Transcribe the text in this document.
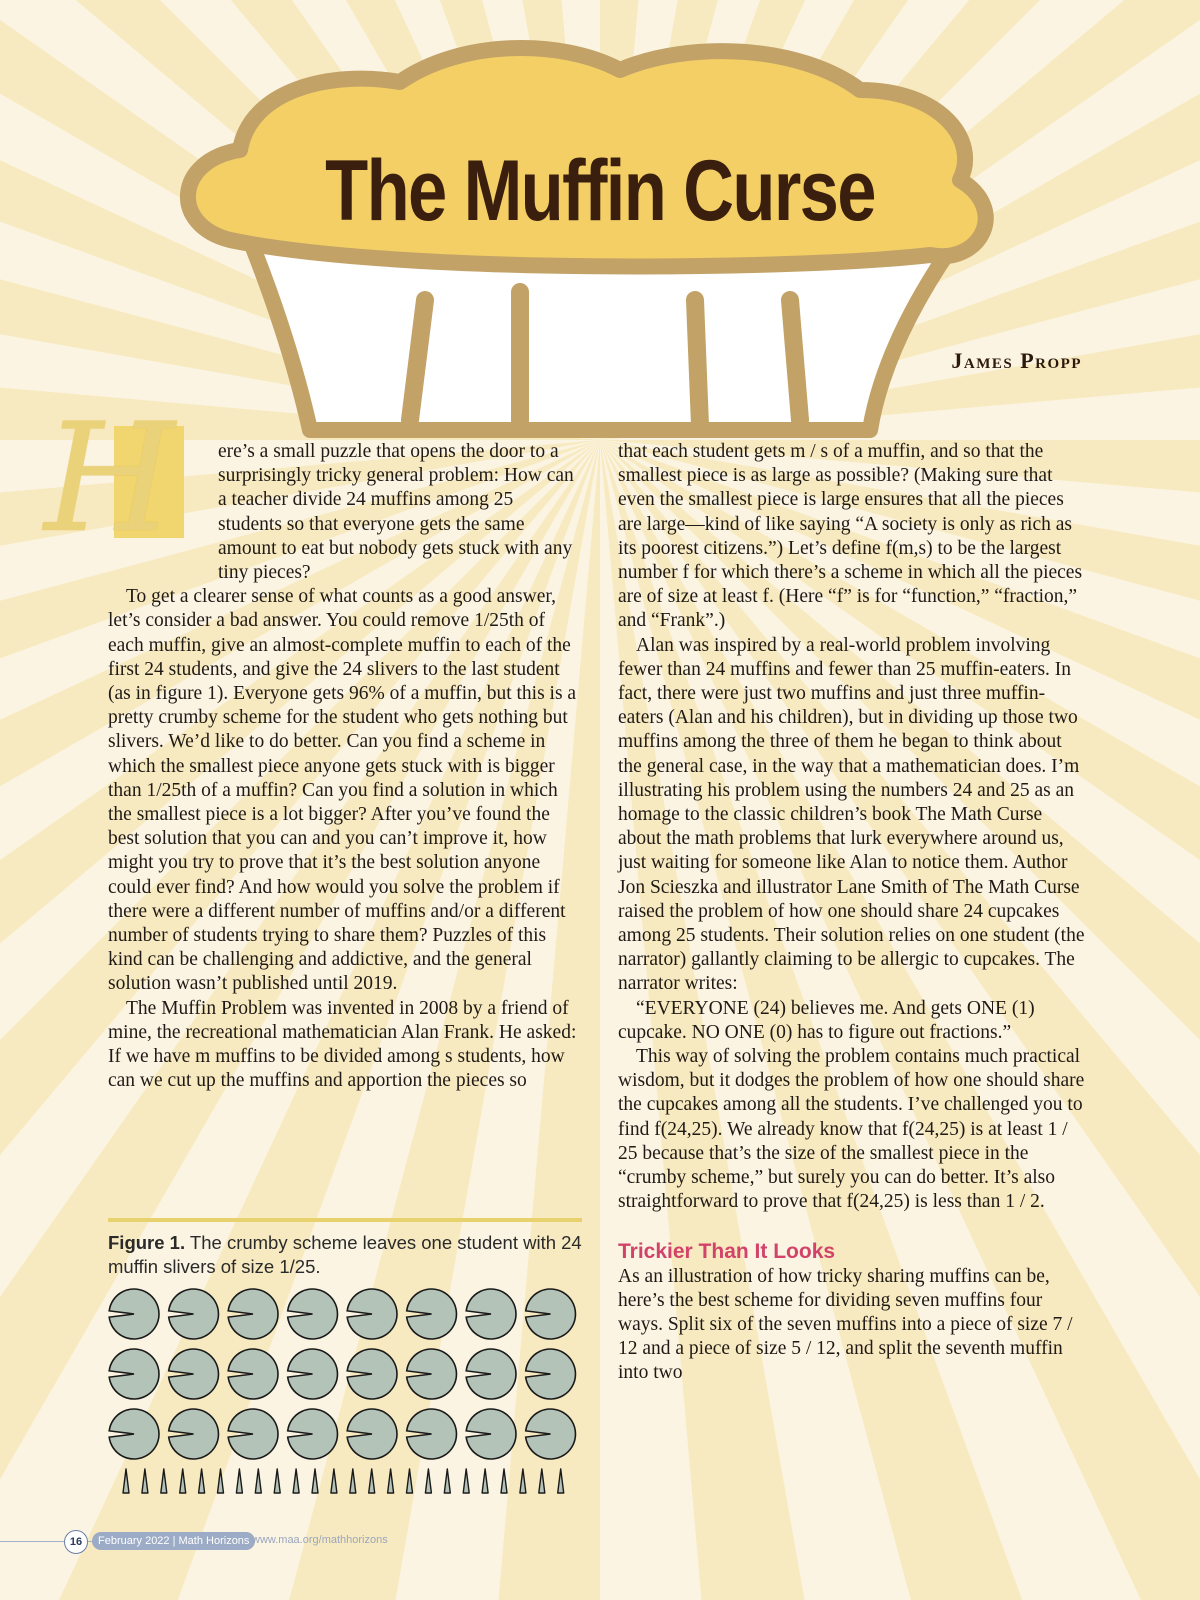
The Muffin Curse

James Propp

H	ere’s a small puzzle that opens the door to a surprisingly tricky general problem: How can a teacher divide 24 muffins among 25 students so that everyone gets the same amount to eat but nobody gets stuck with any tiny pieces?

To get a clearer sense of what counts as a good answer, let’s consider a bad answer. You could remove 1/25th of each muffin, give an almost-complete muffin to each of the first 24 students, and give the 24 slivers to the last student (as in figure 1). Everyone gets 96% of a muffin, but this is a pretty crumby scheme for the student who gets nothing but slivers. We’d like to do better. Can you find a scheme in which the smallest piece anyone gets stuck with is bigger than 1/25th of a muffin? Can you find a solution in which the smallest piece is a lot bigger? After you’ve found the best solution that you can and you can’t improve it, how might you try to prove that it’s the best solution anyone could ever find? And how would you solve the problem if there were a different number of muffins and/or a different number of students trying to share them? Puzzles of this kind can be challenging and addictive, and the general solution wasn’t published until 2019.

The Muffin Problem was invented in 2008 by a friend of mine, the recreational mathematician Alan Frank. He asked: If we have m muffins to be divided among s students, how can we cut up the muffins and apportion the pieces so

Figure 1. The crumby scheme leaves one student with 24 muffin slivers of size 1/25.

that each student gets m / s of a muffin, and so that the smallest piece is as large as possible? (Making sure that even the smallest piece is large ensures that all the pieces are large—kind of like saying “A society is only as rich as its poorest citizens.”) Let’s define f(m,s) to be the largest number f for which there’s a scheme in which all the pieces are of size at least f. (Here “f” is for “function,” “fraction,” and “Frank”.)

Alan was inspired by a real-world problem involving fewer than 24 muffins and fewer than 25 muffin-eaters. In fact, there were just two muffins and just three muffin-eaters (Alan and his children), but in dividing up those two muffins among the three of them he began to think about the general case, in the way that a mathematician does. I’m illustrating his problem using the numbers 24 and 25 as an homage to the classic children’s book The Math Curse about the math problems that lurk everywhere around us, just waiting for someone like Alan to notice them. Author Jon Scieszka and illustrator Lane Smith of The Math Curse raised the problem of how one should share 24 cupcakes among 25 students. Their solution relies on one student (the narrator) gallantly claiming to be allergic to cupcakes. The narrator writes:

“EVERYONE (24) believes me. And gets ONE (1) cupcake. NO ONE (0) has to figure out fractions.”

This way of solving the problem contains much practical wisdom, but it dodges the problem of how one should share the cupcakes among all the students. I’ve challenged you to find f(24,25). We already know that f(24,25) is at least 1 / 25 because that’s the size of the smallest piece in the “crumby scheme,” but surely you can do better. It’s also straightforward to prove that f(24,25) is less than 1 / 2.

Trickier Than It Looks

As an illustration of how tricky sharing muffins can be, here’s the best scheme for dividing seven muffins four ways. Split six of the seven muffins into a piece of size 7 / 12 and a piece of size 5 / 12, and split the seventh muffin into two

16	February 2022 | Math Horizons www.maa.org/mathhorizons
